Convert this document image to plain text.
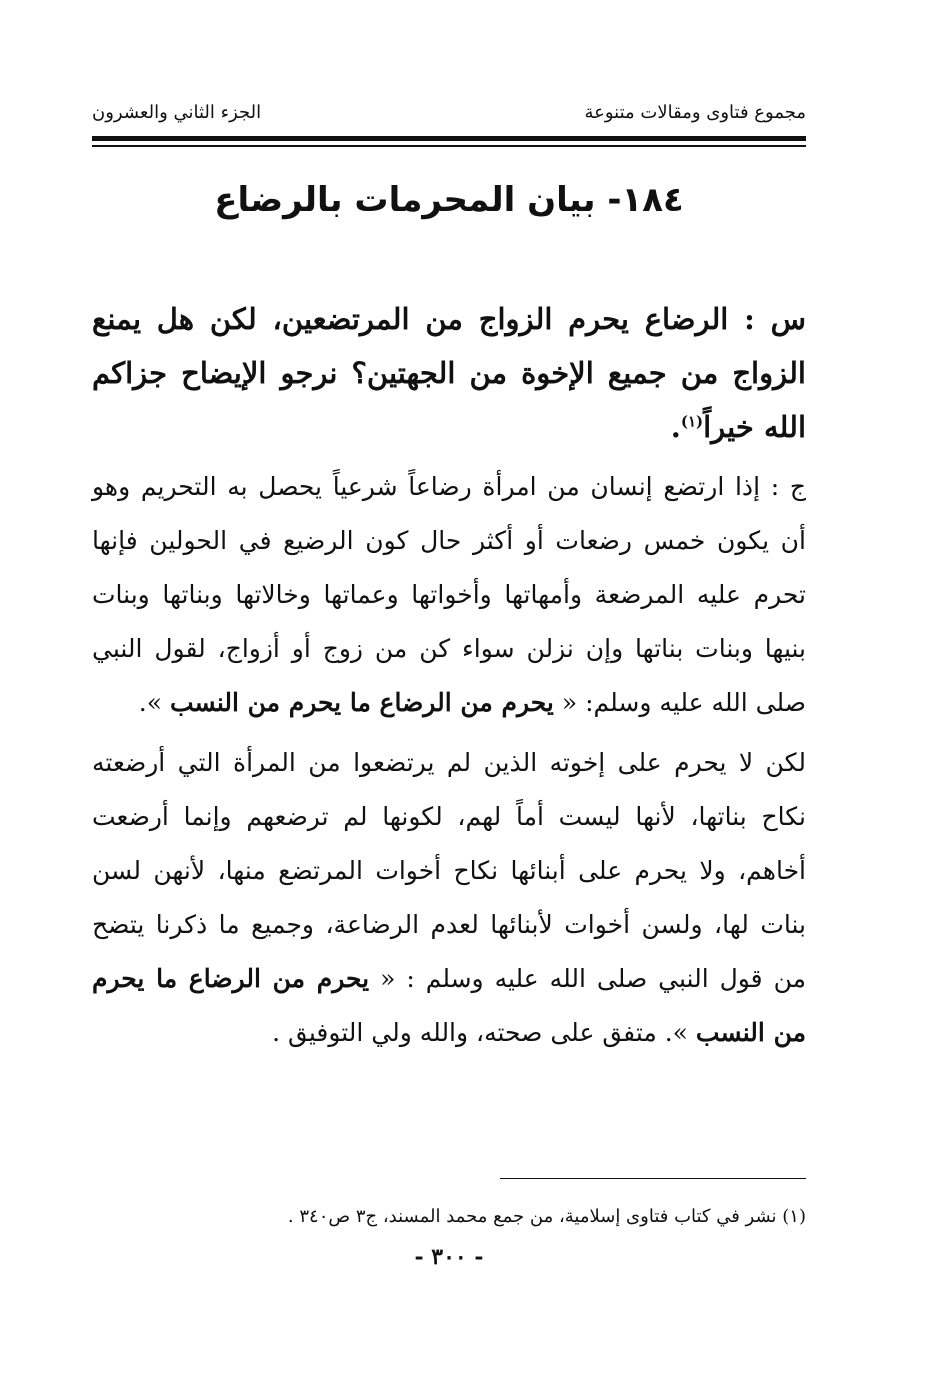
مجموع فتاوى ومقالات متنوعة
الجزء الثاني والعشرون
١٨٤- بيان المحرمات بالرضاع

س : الرضاع يحرم الزواج من المرتضعين، لكن هل يمنع الزواج من جميع الإخوة من الجهتين؟ نرجو الإيضاح جزاكم الله خيراً$^{(١)}$.

ج : إذا ارتضع إنسان من امرأة رضاعاً شرعياً يحصل به التحريم وهو أن يكون خمس رضعات أو أكثر حال كون الرضيع في الحولين فإنها تحرم عليه المرضعة وأمهاتها وأخواتها وعماتها وخالاتها وبناتها وبنات بنيها وبنات بناتها وإن نزلن سواء كن من زوج أو أزواج، لقول النبي صلى الله عليه وسلم: « يحرم من الرضاع ما يحرم من النسب ».

لكن لا يحرم على إخوته الذين لم يرتضعوا من المرأة التي أرضعته نكاح بناتها، لأنها ليست أماً لهم، لكونها لم ترضعهم وإنما أرضعت أخاهم، ولا يحرم على أبنائها نكاح أخوات المرتضع منها، لأنهن لسن بنات لها، ولسن أخوات لأبنائها لعدم الرضاعة، وجميع ما ذكرنا يتضح من قول النبي صلى الله عليه وسلم : « يحرم من الرضاع ما يحرم من النسب ». متفق على صحته، والله ولي التوفيق .

(١) نشر في كتاب فتاوى إسلامية، من جمع محمد المسند، ج٣ ص٣٤٠ .
- ٣٠٠ -
